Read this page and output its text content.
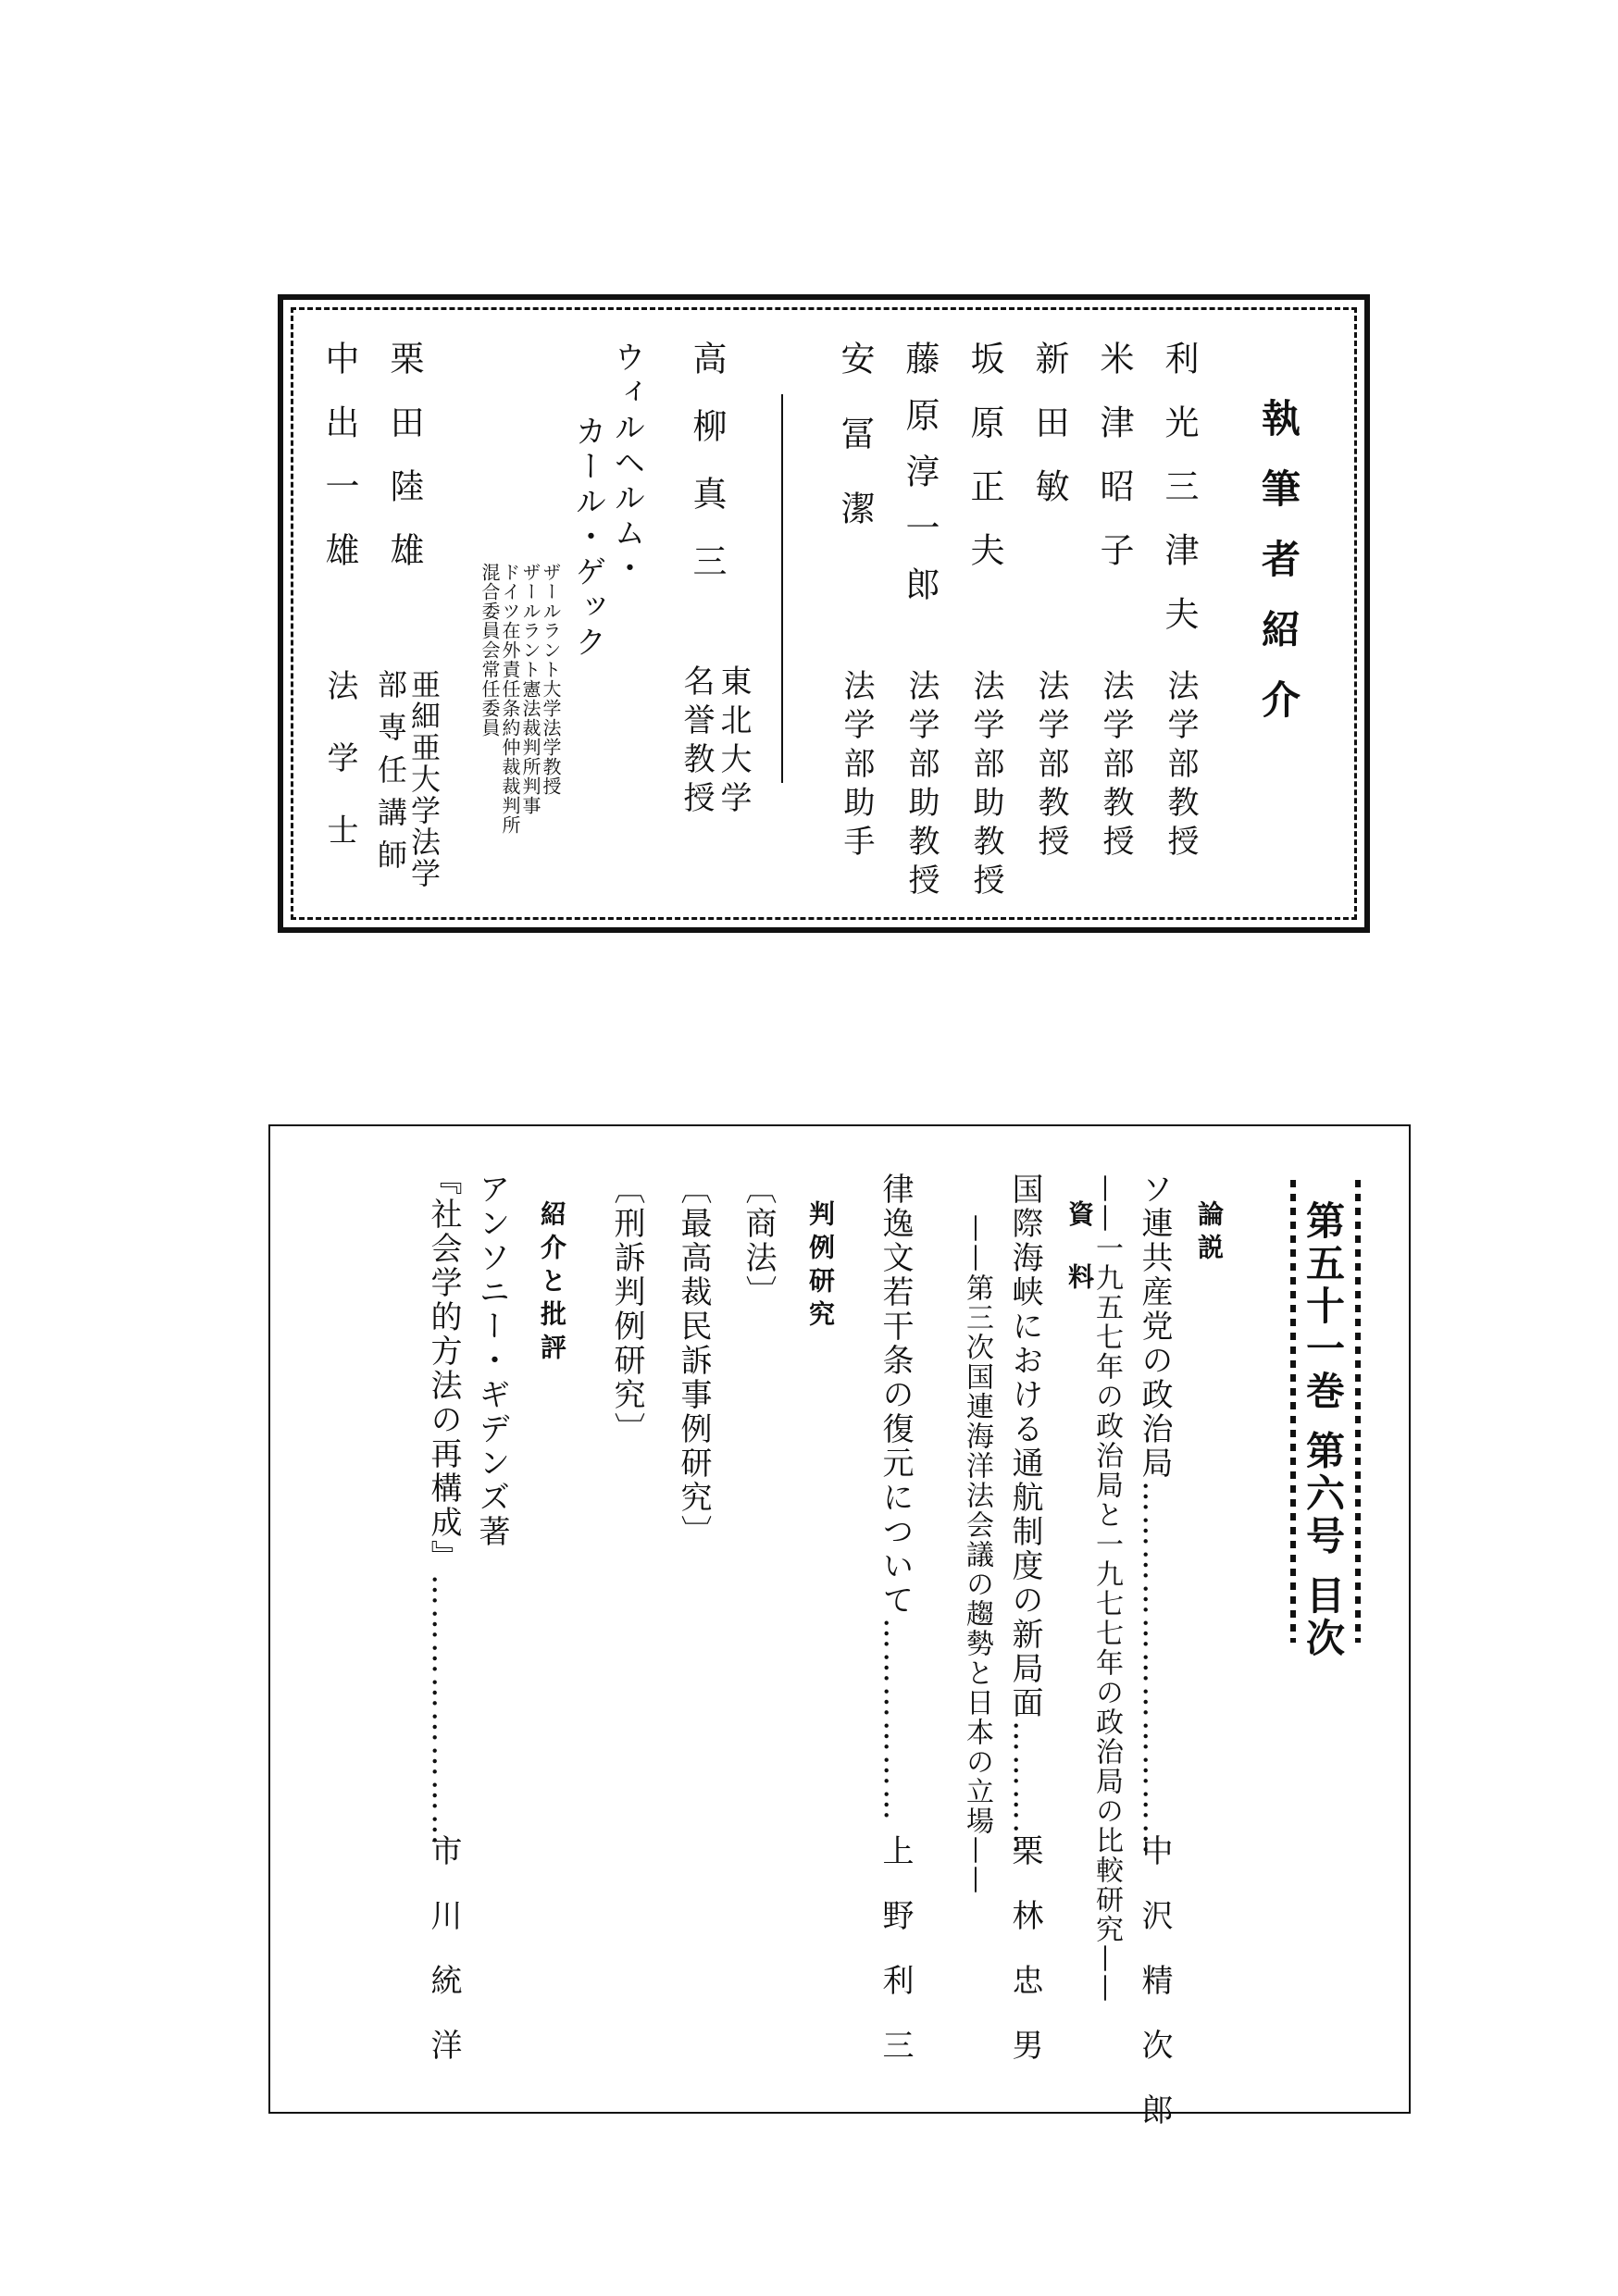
執筆者紹介
利光三津夫
法学部教授
米津昭子
法学部教授
新田敏
法学部教授
坂原正夫
法学部助教授
藤原淳一郎
法学部助教授
安冨潔
法学部助手
高柳真三
東北大学
名誉教授
ウィルヘルム・
カール・ゲック
ザールラント大学法学教授
ザールラント憲法裁判所判事
ドイツ在外責任条約仲裁裁判所
混合委員会常任委員
栗田陸雄
亜細亜大学法学
部専任講師
中出一雄
法学士
第五十一巻 第六号 目次
論説
ソ連共産党の政治局……………………………
——一九五七年の政治局と一九七七年の政治局の比較研究—— 中沢精次郎
資料
国際海峡における通航制度の新局面…………
——第三次国連海洋法会議の趨勢と日本の立場——
栗林忠男
律逸文若干条の復元について………………
上野利三
判例研究
〔商法〕
〔最高裁民訴事例研究〕
〔刑訴判例研究〕
紹介と批評
アンソニー・ギデンズ著
『社会学的方法の再構成』……………………
市川統洋
